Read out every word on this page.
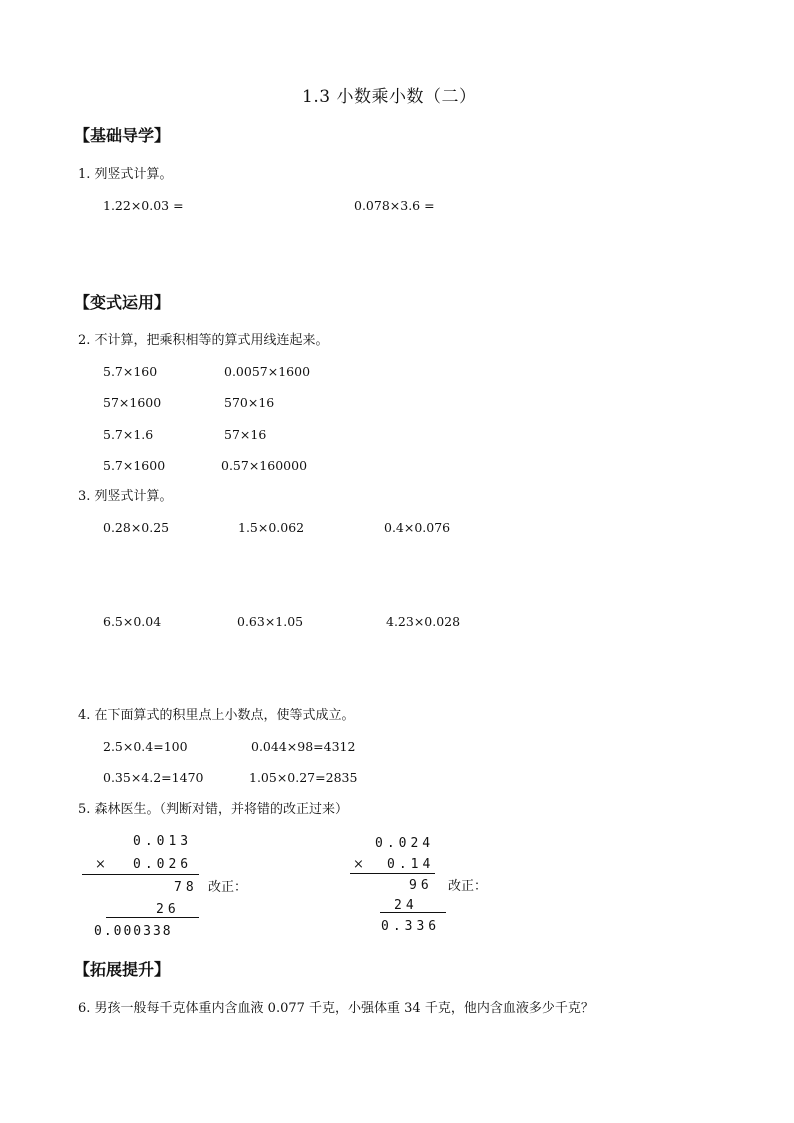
1.3 小数乘小数（二）
【基础导学】
1. 列竖式计算。
1.22×0.03 =	0.078×3.6 =
【变式运用】
2. 不计算，把乘积相等的算式用线连起来。
5.7×160	0.0057×1600
57×1600	570×16
5.7×1.6	57×16
5.7×1600	0.57×160000
3. 列竖式计算。
0.28×0.25	1.5×0.062	0.4×0.076
6.5×0.04	0.63×1.05	4.23×0.028
4. 在下面算式的积里点上小数点，使等式成立。
2.5×0.4=100	0.044×98=4312
0.35×4.2=1470	1.05×0.27=2835
5. 森林医生。（判断对错，并将错的改正过来）
0.013
× 0.026
78 改正：
26
0.000338
0.024
× 0.14
96 改正：
24
0.336
【拓展提升】
6. 男孩一般每千克体重内含血液 0.077 千克，小强体重 34 千克，他内含血液多少千克？
